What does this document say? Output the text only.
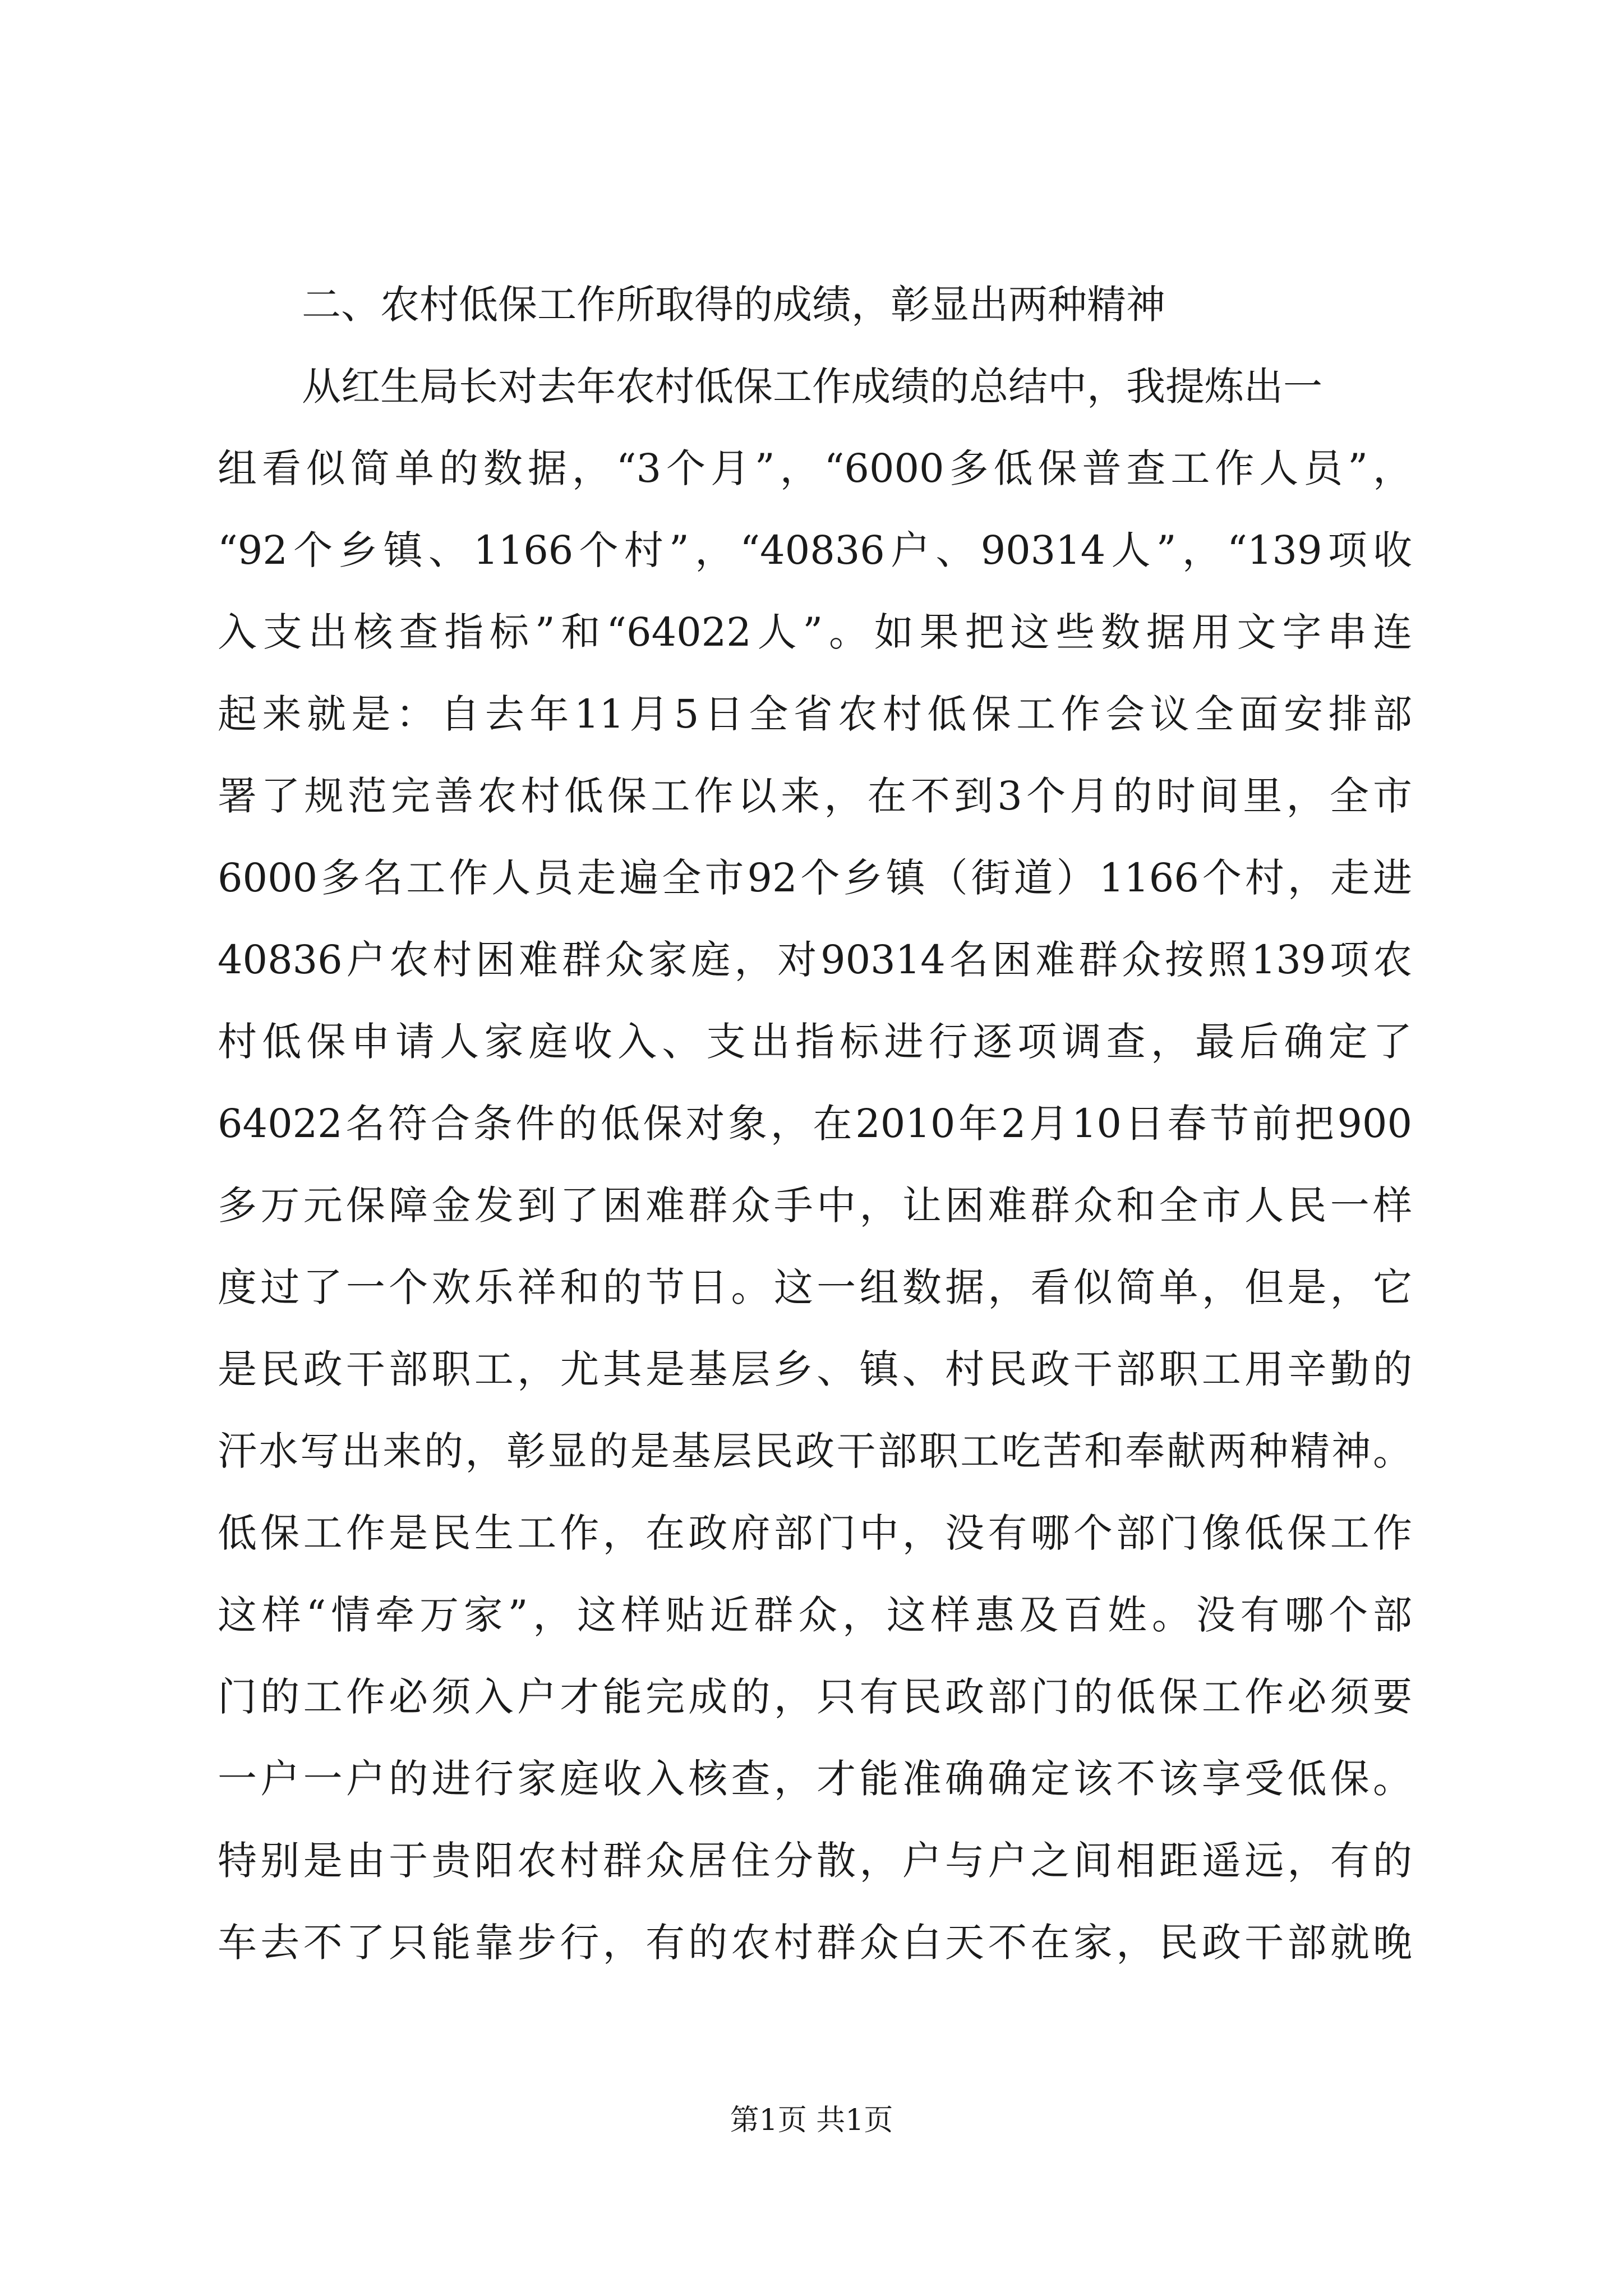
二、农村低保工作所取得的成绩，彰显出两种精神
从红生局长对去年农村低保工作成绩的总结中，我提炼出一
组看似简单的数据，“3个月”，“6000多低保普查工作人员”，
“92个乡镇、1166个村”，“40836户、90314人”，“139项收
入支出核查指标”和“64022人”。如果把这些数据用文字串连
起来就是：自去年11月5日全省农村低保工作会议全面安排部
署了规范完善农村低保工作以来，在不到3个月的时间里，全市
6000多名工作人员走遍全市92个乡镇（街道）1166个村，走进
40836户农村困难群众家庭，对90314名困难群众按照139项农
村低保申请人家庭收入、支出指标进行逐项调查，最后确定了
64022名符合条件的低保对象，在2010年2月10日春节前把900
多万元保障金发到了困难群众手中，让困难群众和全市人民一样
度过了一个欢乐祥和的节日。这一组数据，看似简单，但是，它
是民政干部职工，尤其是基层乡、镇、村民政干部职工用辛勤的
汗水写出来的，彰显的是基层民政干部职工吃苦和奉献两种精神。
低保工作是民生工作，在政府部门中，没有哪个部门像低保工作
这样“情牵万家”，这样贴近群众，这样惠及百姓。没有哪个部
门的工作必须入户才能完成的，只有民政部门的低保工作必须要
一户一户的进行家庭收入核查，才能准确确定该不该享受低保。
特别是由于贵阳农村群众居住分散，户与户之间相距遥远，有的
车去不了只能靠步行，有的农村群众白天不在家，民政干部就晚
第1页 共1页
